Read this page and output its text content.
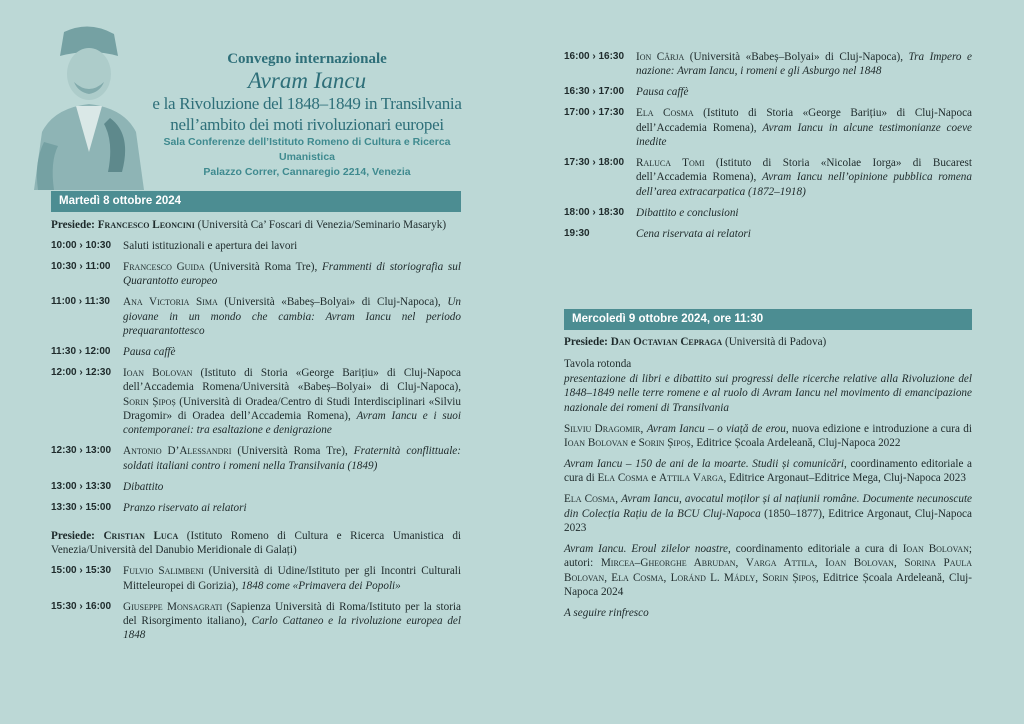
Convegno internazionale
Avram Iancu
e la Rivoluzione del 1848–1849 in Transilvania
nell’ambito dei moti rivoluzionari europei
Sala Conferenze dell’Istituto Romeno di Cultura e Ricerca Umanistica
Palazzo Correr, Cannaregio 2214, Venezia
Martedì 8 ottobre 2024
Presiede: Francesco Leoncini (Università Ca’ Foscari di Venezia/Seminario Masaryk)
10:00 › 10:30	Saluti istituzionali e apertura dei lavori
10:30 › 11:00	Francesco Guida (Università Roma Tre), Frammenti di storiografia sul Quarantotto europeo
11:00 › 11:30	Ana Victoria Sima (Università «Babeș–Bolyai» di Cluj-Napoca), Un giovane in un mondo che cambia: Avram Iancu nel periodo prequarantottesco
11:30 › 12:00	Pausa caffè
12:00 › 12:30	Ioan Bolovan (Istituto di Storia «George Barițiu» di Cluj-Napoca dell’Accademia Romena/Università «Babeș–Bolyai» di Cluj-Napoca), Sorin Șipoș (Università di Oradea/Centro di Studi Interdisciplinari «Silviu Dragomir» di Oradea dell’Accademia Romena), Avram Iancu e i suoi contemporanei: tra esaltazione e denigrazione
12:30 › 13:00	Antonio D’Alessandri (Università Roma Tre), Fraternità conflittuale: soldati italiani contro i romeni nella Transilvania (1849)
13:00 › 13:30	Dibattito
13:30 › 15:00	Pranzo riservato ai relatori
Presiede: Cristian Luca (Istituto Romeno di Cultura e Ricerca Umanistica di Venezia/Università del Danubio Meridionale di Galați)
15:00 › 15:30	Fulvio Salimbeni (Università di Udine/Istituto per gli Incontri Culturali Mitteleuropei di Gorizia), 1848 come «Primavera dei Popoli»
15:30 › 16:00	Giuseppe Monsagrati (Sapienza Università di Roma/Istituto per la storia del Risorgimento italiano), Carlo Cattaneo e la rivoluzione europea del 1848
16:00 › 16:30	Ion Cârja (Università «Babeș–Bolyai» di Cluj-Napoca), Tra Impero e nazione: Avram Iancu, i romeni e gli Asburgo nel 1848
16:30 › 17:00	Pausa caffè
17:00 › 17:30	Ela Cosma (Istituto di Storia «George Barițiu» di Cluj-Napoca dell’Accademia Romena), Avram Iancu in alcune testimonianze coeve inedite
17:30 › 18:00	Raluca Tomi (Istituto di Storia «Nicolae Iorga» di Bucarest dell’Accademia Romena), Avram Iancu nell’opinione pubblica romena dell’area extracarpatica (1872–1918)
18:00 › 18:30	Dibattito e conclusioni
19:30	Cena riservata ai relatori
Mercoledì 9 ottobre 2024, ore 11:30
Presiede: Dan Octavian Cepraga (Università di Padova)
Tavola rotonda
presentazione di libri e dibattito sui progressi delle ricerche relative alla Rivoluzione del 1848–1849 nelle terre romene e al ruolo di Avram Iancu nel movimento di emancipazione nazionale dei romeni di Transilvania
Silviu Dragomir, Avram Iancu – o viață de erou, nuova edizione e introduzione a cura di Ioan Bolovan e Sorin Șipoș, Editrice Școala Ardeleană, Cluj-Napoca 2022
Avram Iancu – 150 de ani de la moarte. Studii și comunicări, coordinamento editoriale a cura di Ela Cosma e Attila Varga, Editrice Argonaut–Editrice Mega, Cluj-Napoca 2023
Ela Cosma, Avram Iancu, avocatul moților și al națiunii române. Documente necunoscute din Colecția Rațiu de la BCU Cluj-Napoca (1850–1877), Editrice Argonaut, Cluj-Napoca 2023
Avram Iancu. Eroul zilelor noastre, coordinamento editoriale a cura di Ioan Bolovan; autori: Mircea–Gheorghe Abrudan, Varga Attila, Ioan Bolovan, Sorina Paula Bolovan, Ela Cosma, Loránd L. Mádly, Sorin Șipoș, Editrice Școala Ardeleană, Cluj-Napoca 2024
A seguire rinfresco
